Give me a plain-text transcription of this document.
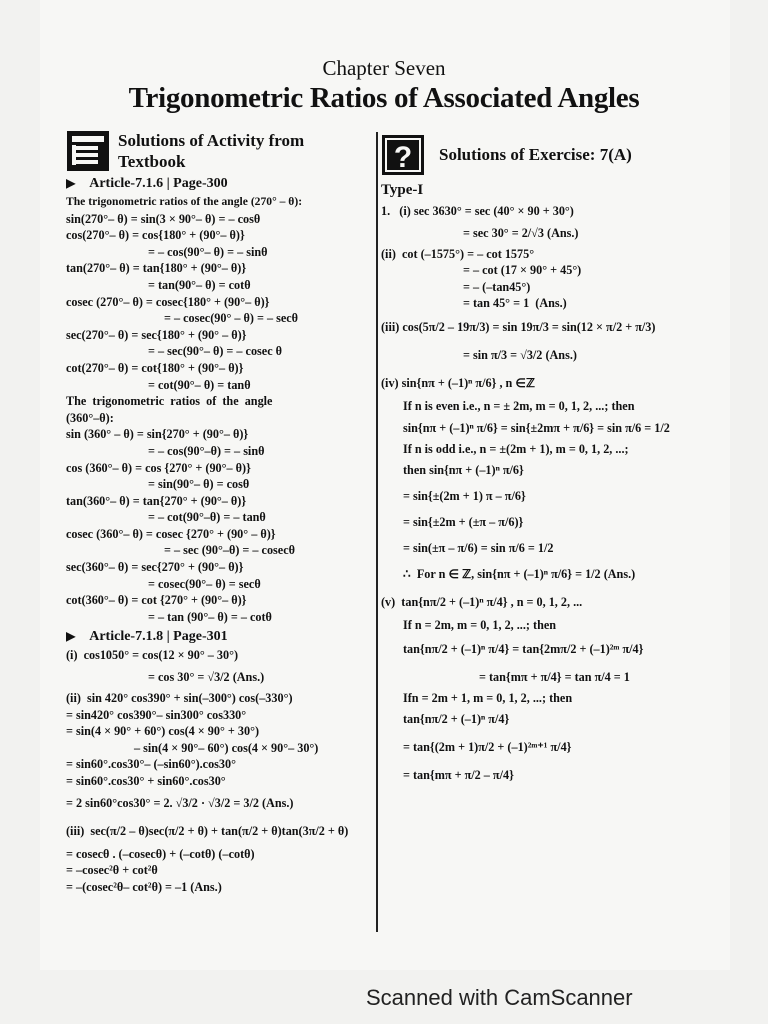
Chapter Seven
Trigonometric Ratios of Associated Angles
Solutions of Activity from
Textbook
▶ Article-7.1.6 | Page-300
The trigonometric ratios of the angle (270° – θ):
sin(270°– θ) = sin(3 × 90°– θ) = – cosθ
cos(270°– θ) = cos{180° + (90°– θ)}
= – cos(90°– θ) = – sinθ
tan(270°– θ) = tan{180° + (90°– θ)}
= tan(90°– θ) = cotθ
cosec (270°– θ) = cosec{180° + (90°– θ)}
= – cosec(90° – θ) = – secθ
sec(270°– θ) = sec{180° + (90° – θ)}
= – sec(90°– θ) = – cosec θ
cot(270°– θ) = cot{180° + (90°– θ)}
= cot(90°– θ) = tanθ
The  trigonometric  ratios  of  the  angle
(360°–θ):
sin (360° – θ) = sin{270° + (90°– θ)}
= – cos(90°–θ) = – sinθ
cos (360°– θ) = cos {270° + (90°– θ)}
= sin(90°– θ) = cosθ
tan(360°– θ) = tan{270° + (90°– θ)}
= – cot(90°–θ) = – tanθ
cosec (360°– θ) = cosec {270° + (90° – θ)}
= – sec (90°–θ) = – cosecθ
sec(360°– θ) = sec{270° + (90°– θ)}
= cosec(90°– θ) = secθ
cot(360°– θ) = cot {270° + (90°– θ)}
= – tan (90°– θ) = – cotθ
▶ Article-7.1.8 | Page-301
(i)  cos1050° = cos(12 × 90° – 30°)
= cos 30° = √3/2 (Ans.)
(ii)  sin 420° cos390° + sin(–300°) cos(–330°)
= sin420° cos390°– sin300° cos330°
= sin(4 × 90° + 60°) cos(4 × 90° + 30°)
– sin(4 × 90°– 60°) cos(4 × 90°– 30°)
= sin60°.cos30°– (–sin60°).cos30°
= sin60°.cos30° + sin60°.cos30°
= 2 sin60°cos30° = 2. √3/2 · √3/2 = 3/2 (Ans.)
(iii)  sec(π/2 – θ)sec(π/2 + θ) + tan(π/2 + θ)tan(3π/2 + θ)
= cosecθ . (–cosecθ) + (–cotθ) (–cotθ)
= –cosec²θ + cot²θ
= –(cosec²θ– cot²θ) = –1 (Ans.)
? Solutions of Exercise: 7(A)
Type-I
1.   (i) sec 3630° = sec (40° × 90 + 30°)
= sec 30° = 2/√3 (Ans.)
(ii)  cot (–1575°) = – cot 1575°
= – cot (17 × 90° + 45°)
= – (–tan45°)
= tan 45° = 1  (Ans.)
(iii) cos(5π/2 – 19π/3) = sin 19π/3 = sin(12 × π/2 + π/3)
= sin π/3 = √3/2 (Ans.)
(iv) sin{nπ + (–1)ⁿ π/6} , n ∈ℤ
If n is even i.e., n = ± 2m, m = 0, 1, 2, ...; then
sin{nπ + (–1)ⁿ π/6} = sin{±2mπ + π/6} = sin π/6 = 1/2
If n is odd i.e., n = ±(2m + 1), m = 0, 1, 2, ...;
then sin{nπ + (–1)ⁿ π/6}
= sin{±(2m + 1) π – π/6}
= sin{±2m + (±π – π/6)}
= sin(±π – π/6) = sin π/6 = 1/2
∴  For n ∈ ℤ, sin{nπ + (–1)ⁿ π/6} = 1/2 (Ans.)
(v)  tan{nπ/2 + (–1)ⁿ π/4} , n = 0, 1, 2, ...
If n = 2m, m = 0, 1, 2, ...; then
tan{nπ/2 + (–1)ⁿ π/4} = tan{2mπ/2 + (–1)²ᵐ π/4}
= tan{mπ + π/4} = tan π/4 = 1
Ifn = 2m + 1, m = 0, 1, 2, ...; then
tan{nπ/2 + (–1)ⁿ π/4}
= tan{(2m + 1)π/2 + (–1)²ᵐ⁺¹ π/4}
= tan{mπ + π/2 – π/4}
Scanned with CamScanner
